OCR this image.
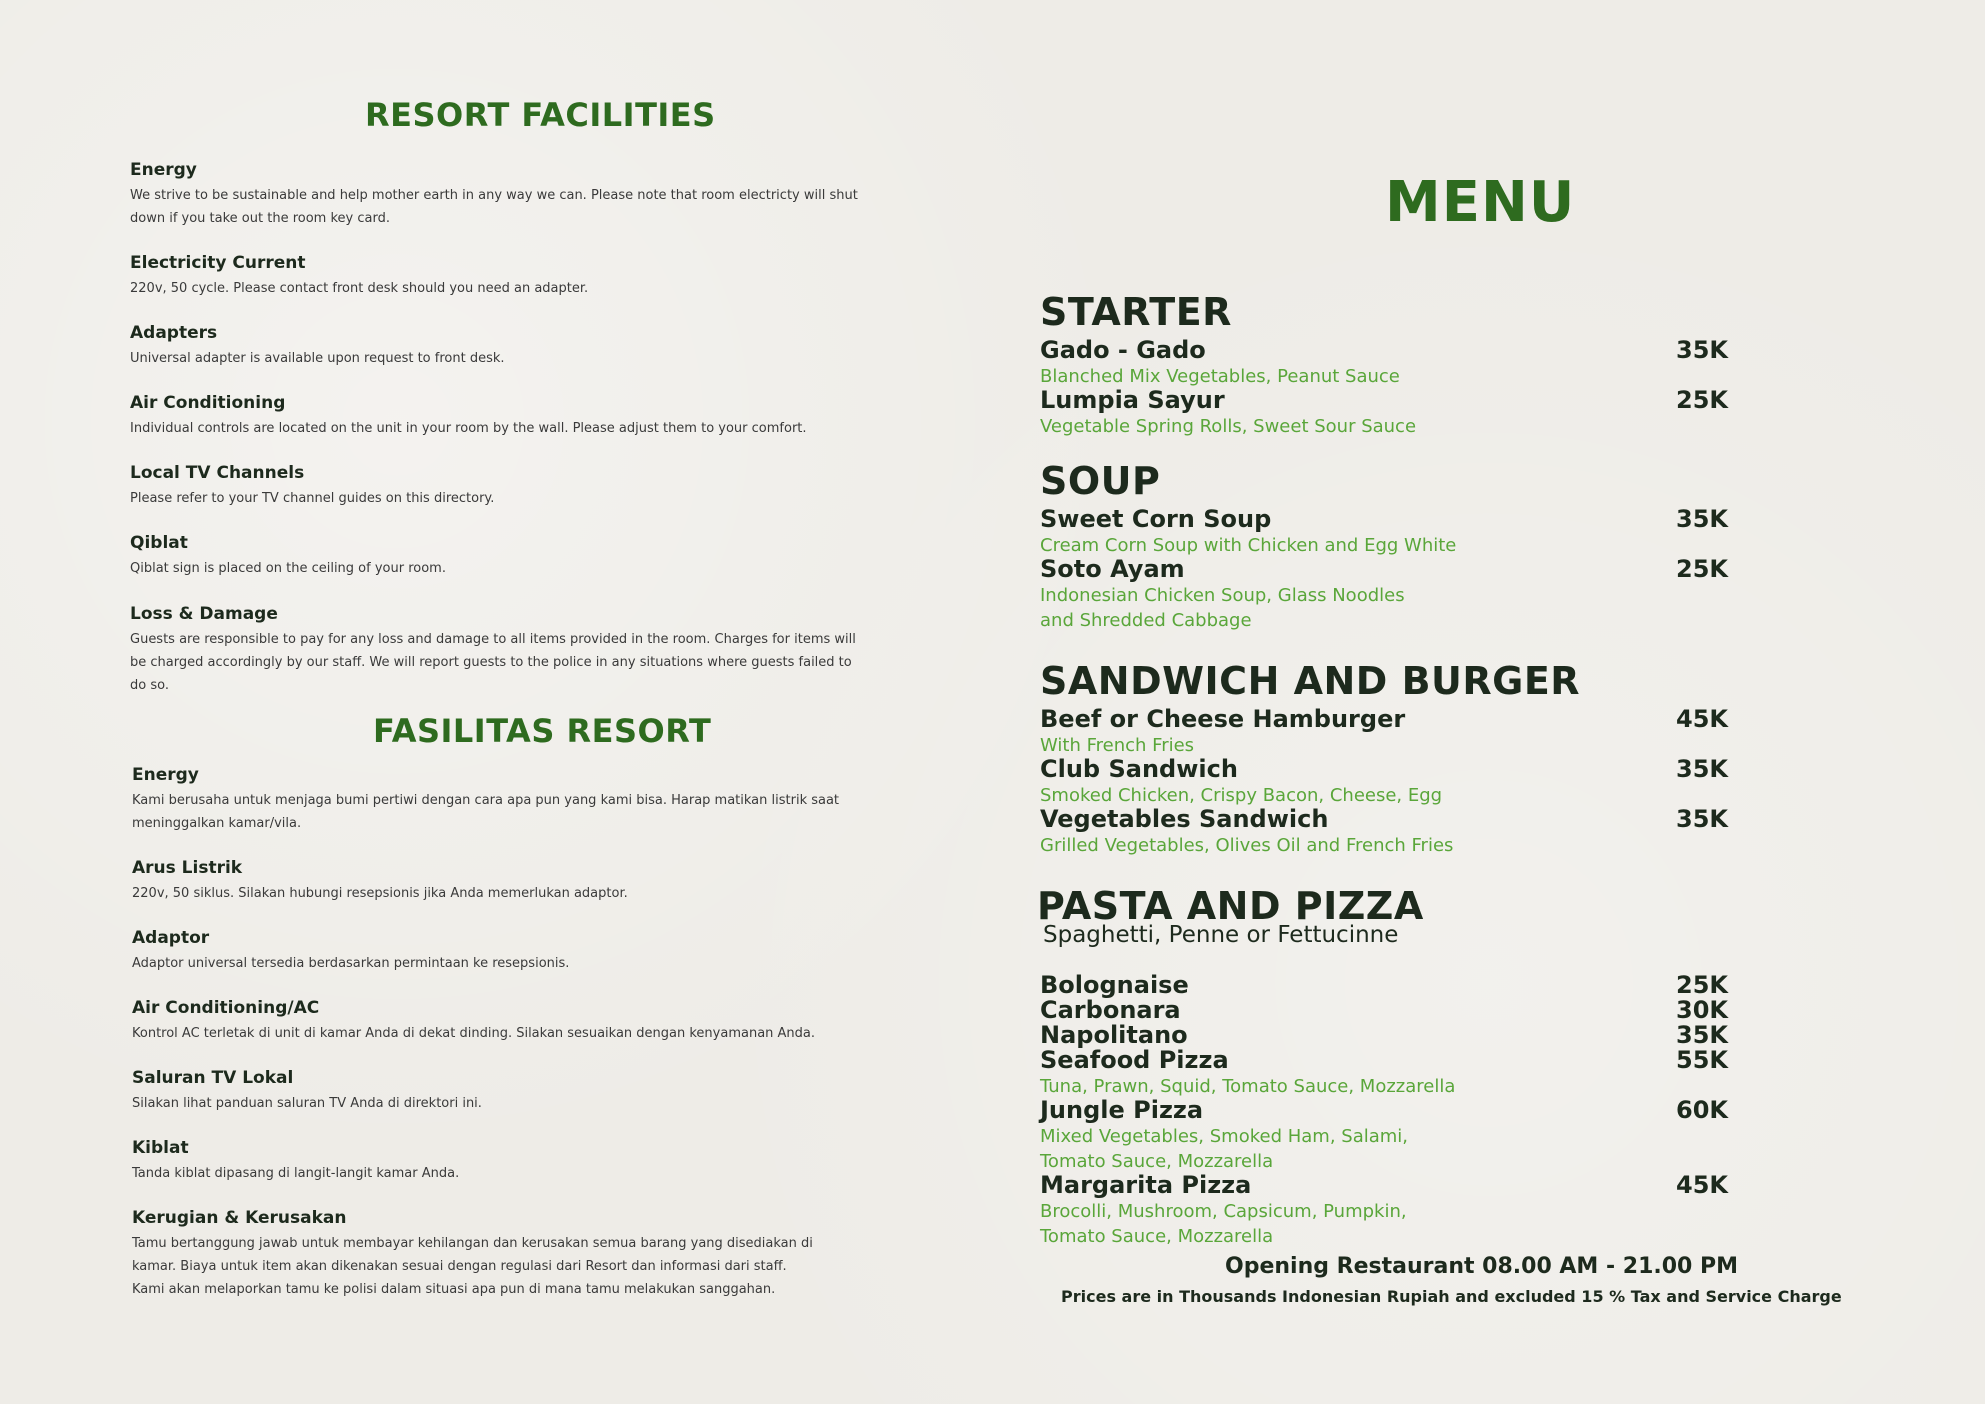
RESORT FACILITIES

Energy

We strive to be sustainable and help mother earth in any way we can. Please note that room electricty will shut

down if you take out the room key card.

Electricity Current

220v, 50 cycle. Please contact front desk should you need an adapter.

Adapters

Universal adapter is available upon request to front desk.

Air Conditioning

Individual controls are located on the unit in your room by the wall. Please adjust them to your comfort.

Local TV Channels

Please refer to your TV channel guides on this directory.

Qiblat

Qiblat sign is placed on the ceiling of your room.

Loss & Damage

Guests are responsible to pay for any loss and damage to all items provided in the room. Charges for items will

be charged accordingly by our staff. We will report guests to the police in any situations where guests failed to

do so.

FASILITAS RESORT

Energy

Kami berusaha untuk menjaga bumi pertiwi dengan cara apa pun yang kami bisa. Harap matikan listrik saat

meninggalkan kamar/vila.

Arus Listrik

220v, 50 siklus. Silakan hubungi resepsionis jika Anda memerlukan adaptor.

Adaptor

Adaptor universal tersedia berdasarkan permintaan ke resepsionis.

Air Conditioning/AC

Kontrol AC terletak di unit di kamar Anda di dekat dinding. Silakan sesuaikan dengan kenyamanan Anda.

Saluran TV Lokal

Silakan lihat panduan saluran TV Anda di direktori ini.

Kiblat

Tanda kiblat dipasang di langit-langit kamar Anda.

Kerugian & Kerusakan

Tamu bertanggung jawab untuk membayar kehilangan dan kerusakan semua barang yang disediakan di

kamar. Biaya untuk item akan dikenakan sesuai dengan regulasi dari Resort dan informasi dari staff.

Kami akan melaporkan tamu ke polisi dalam situasi apa pun di mana tamu melakukan sanggahan.

MENU
STARTER
Gado - Gado	35K
Blanched Mix Vegetables, Peanut Sauce
Lumpia Sayur	25K
Vegetable Spring Rolls, Sweet Sour Sauce
SOUP
Sweet Corn Soup	35K
Cream Corn Soup with Chicken and Egg White
Soto Ayam	25K
Indonesian Chicken Soup, Glass Noodles
and Shredded Cabbage
SANDWICH AND BURGER
Beef or Cheese Hamburger	45K
With French Fries
Club Sandwich	35K
Smoked Chicken, Crispy Bacon, Cheese, Egg
Vegetables Sandwich	35K
Grilled Vegetables, Olives Oil and French Fries
PASTA AND PIZZA
Spaghetti, Penne or Fettucinne
Bolognaise	25K
Carbonara	30K
Napolitano	35K
Seafood Pizza	55K
Tuna, Prawn, Squid, Tomato Sauce, Mozzarella
Jungle Pizza	60K
Mixed Vegetables, Smoked Ham, Salami,
Tomato Sauce, Mozzarella
Margarita Pizza	45K
Brocolli, Mushroom, Capsicum, Pumpkin,
Tomato Sauce, Mozzarella
Opening Restaurant 08.00 AM - 21.00 PM
Prices are in Thousands Indonesian Rupiah and excluded 15 % Tax and Service Charge
